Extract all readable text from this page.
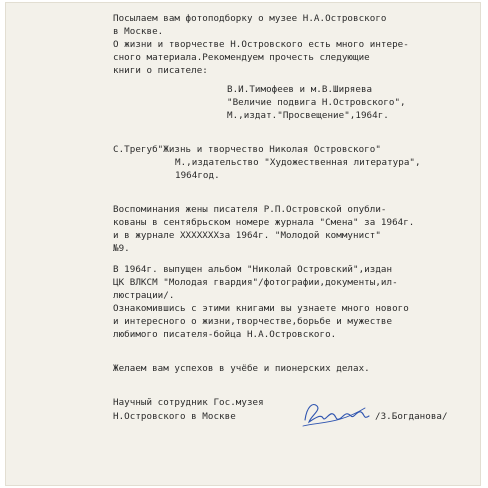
Посылаем вам фотоподборку о музее Н.А.Островского
в Москве.
О жизни и творчестве Н.Островского есть много интере-
сного материала.Рекомендуем прочесть следующие
книги о писателе:
В.И.Тимофеев и м.В.Ширяева
"Величие подвига Н.Островского",
М.,издат."Просвещение",1964г.
С.Трегуб"Жизнь и творчество Николая Островского"
М.,издательство "Художественная литература",
1964год.
Воспоминания жены писателя Р.П.Островской опубли-
кованы в сентябрьском номере журнала "Смена" за 1964г.
и в журнале ХХХХХХХза 1964г. "Молодой коммунист"
№9.
В 1964г. выпущен альбом "Николай Островский",издан
ЦК ВЛКСМ "Молодая гвардия"/фотографии,документы,ил-
люстрации/.
Ознакомившись с этими книгами вы узнаете много нового
и интересного о жизни,творчестве,борьбе и мужестве
любимого писателя-бойца Н.А.Островского.
Желаем вам успехов в учёбе и пионерских делах.
Научный сотрудник Гос.музея
Н.Островского в Москве	/З.Богданова/
